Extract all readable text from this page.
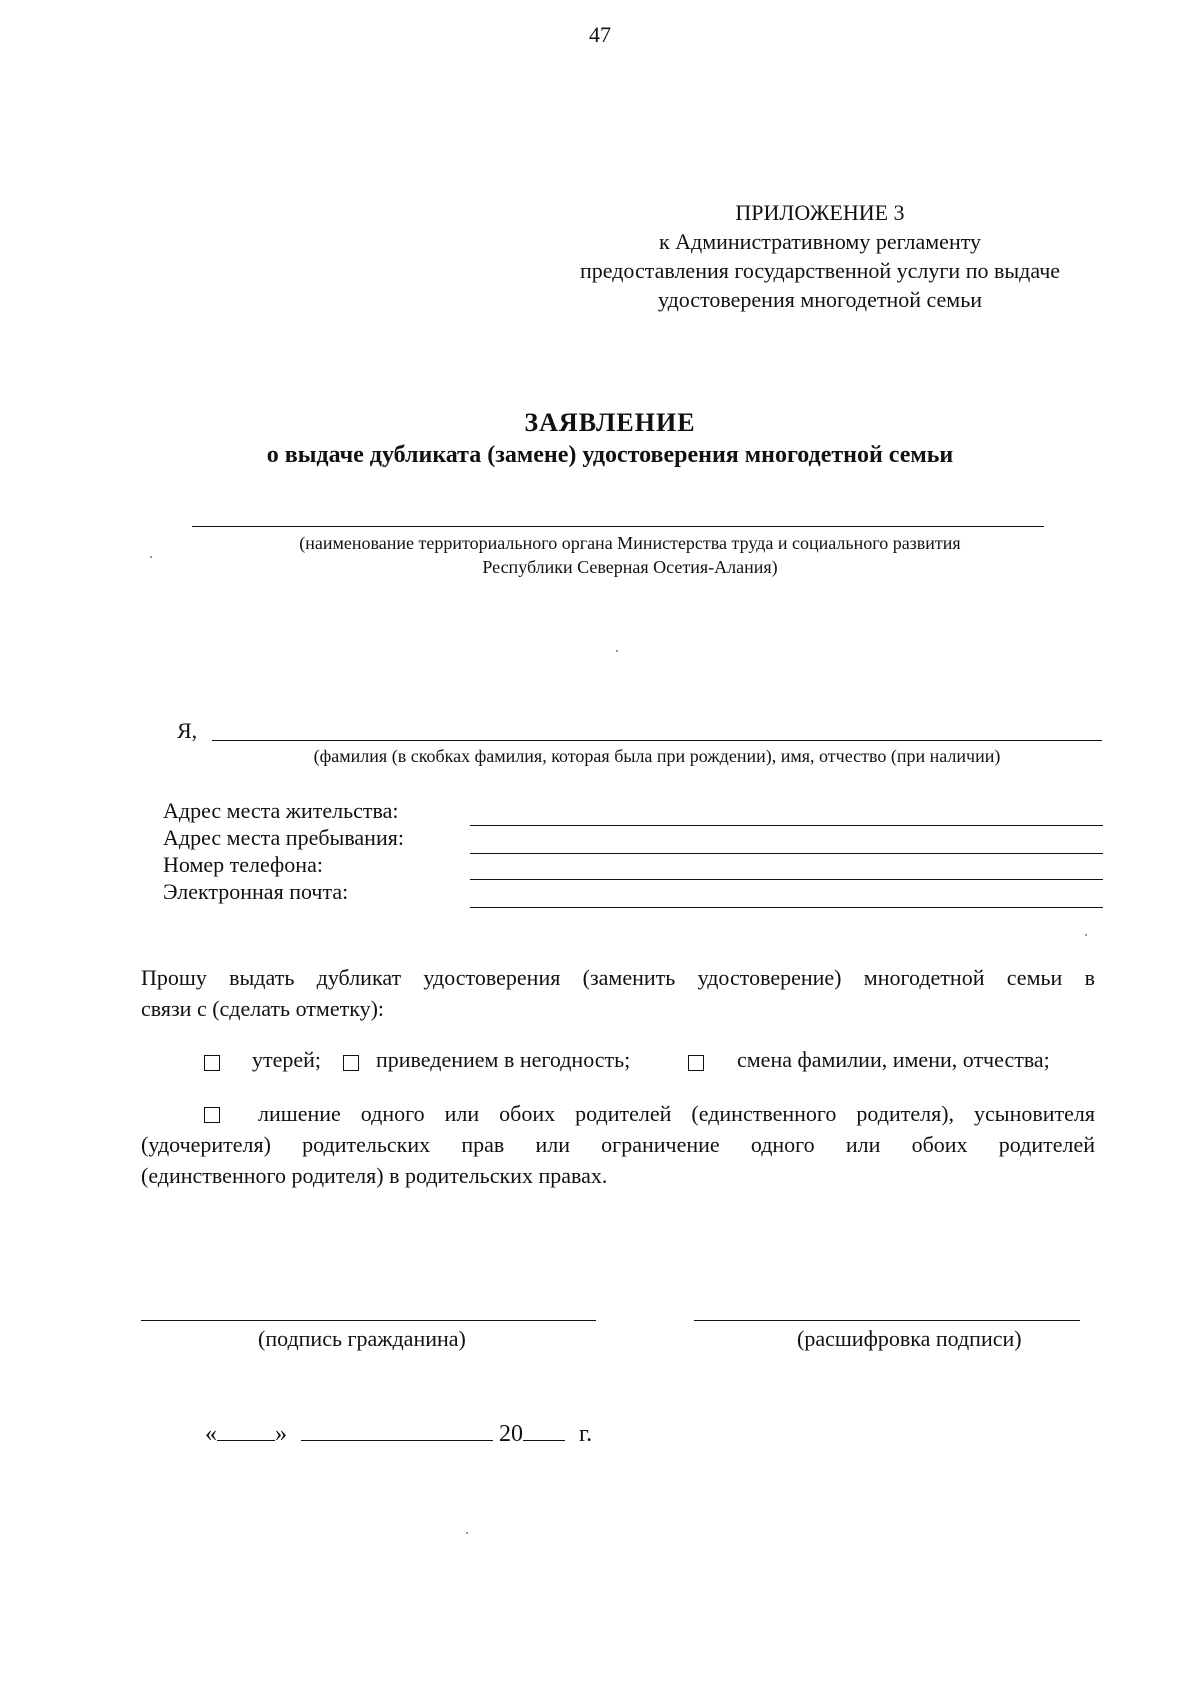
47
ПРИЛОЖЕНИЕ 3
к Административному регламенту
предоставления государственной услуги по выдаче
удостоверения многодетной семьи
ЗАЯВЛЕНИЕ
о выдаче дубликата (замене) удостоверения многодетной семьи
(наименование территориального органа Министерства труда и социального развития
Республики Северная Осетия-Алания)
Я,
(фамилия (в скобках фамилия, которая была при рождении), имя, отчество (при наличии)
Адрес места жительства:
Адрес места пребывания:
Номер телефона:
Электронная почта:
Прошу выдать дубликат удостоверения (заменить удостоверение) многодетной семьи в
связи с (сделать отметку):
утерей; приведением в негодность;	смена фамилии, имени, отчества;
лишение одного или обоих родителей (единственного родителя), усыновителя
(удочерителя) родительских прав или ограничение одного или обоих родителей
(единственного родителя) в родительских правах.
(подпись гражданина)	(расшифровка подписи)
« »	20 г.
